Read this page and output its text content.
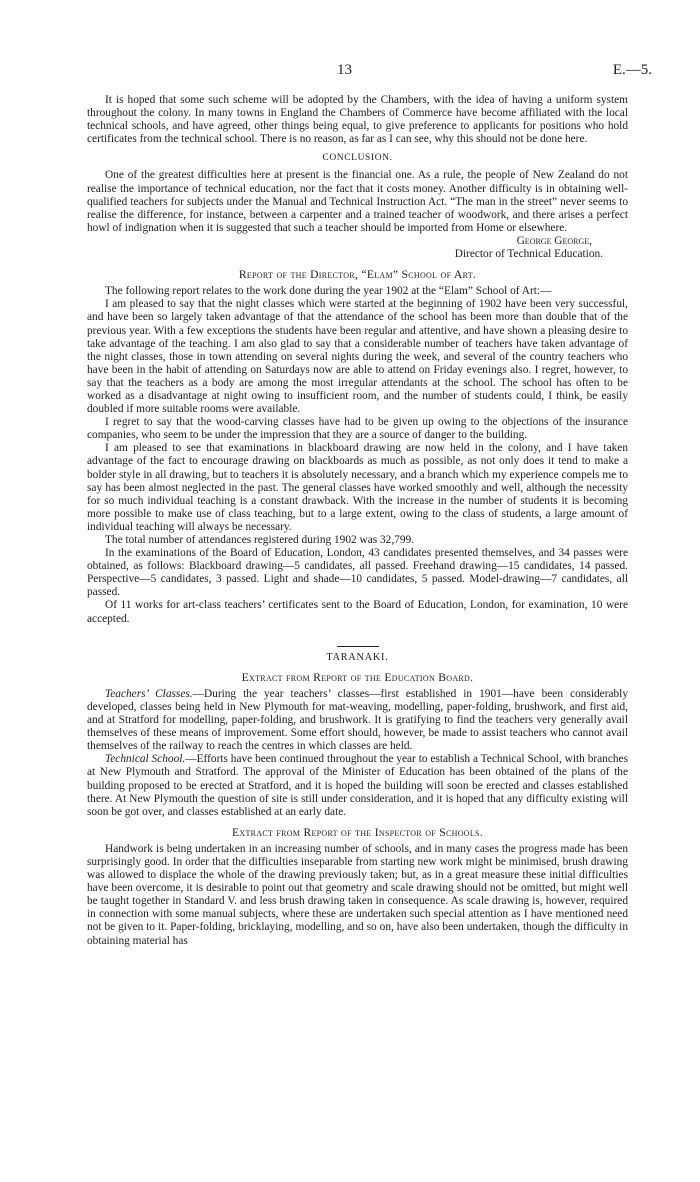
13	E.—5.

It is hoped that some such scheme will be adopted by the Chambers, with the idea of having a uniform system throughout the colony. In many towns in England the Chambers of Commerce have become affiliated with the local technical schools, and have agreed, other things being equal, to give preference to applicants for positions who hold certificates from the technical school. There is no reason, as far as I can see, why this should not be done here.

CONCLUSION.

One of the greatest difficulties here at present is the financial one. As a rule, the people of New Zealand do not realise the importance of technical education, nor the fact that it costs money. Another difficulty is in obtaining well-qualified teachers for subjects under the Manual and Technical Instruction Act. “The man in the street” never seems to realise the difference, for instance, between a carpenter and a trained teacher of woodwork, and there arises a perfect howl of indignation when it is suggested that such a teacher should be imported from Home or elsewhere.

George George,
Director of Technical Education.
Report of the Director, “Elam” School of Art.

The following report relates to the work done during the year 1902 at the “Elam” School of Art:—

I am pleased to say that the night classes which were started at the beginning of 1902 have been very successful, and have been so largely taken advantage of that the attendance of the school has been more than double that of the previous year. With a few exceptions the students have been regular and attentive, and have shown a pleasing desire to take advantage of the teaching. I am also glad to say that a considerable number of teachers have taken advantage of the night classes, those in town attending on several nights during the week, and several of the country teachers who have been in the habit of attending on Saturdays now are able to attend on Friday evenings also. I regret, however, to say that the teachers as a body are among the most irregular attendants at the school. The school has often to be worked as a disadvantage at night owing to insufficient room, and the number of students could, I think, be easily doubled if more suitable rooms were available.

I regret to say that the wood-carving classes have had to be given up owing to the objections of the insurance companies, who seem to be under the impression that they are a source of danger to the building.

I am pleased to see that examinations in blackboard drawing are now held in the colony, and I have taken advantage of the fact to encourage drawing on blackboards as much as possible, as not only does it tend to make a bolder style in all drawing, but to teachers it is absolutely necessary, and a branch which my experience compels me to say has been almost neglected in the past. The general classes have worked smoothly and well, although the necessity for so much individual teaching is a constant drawback. With the increase in the number of students it is becoming more possible to make use of class teaching, but to a large extent, owing to the class of students, a large amount of individual teaching will always be necessary.

The total number of attendances registered during 1902 was 32,799.

In the examinations of the Board of Education, London, 43 candidates presented themselves, and 34 passes were obtained, as follows: Blackboard drawing—5 candidates, all passed. Freehand drawing—15 candidates, 14 passed. Perspective—5 candidates, 3 passed. Light and shade—10 candidates, 5 passed. Model-drawing—7 candidates, all passed.

Of 11 works for art-class teachers’ certificates sent to the Board of Education, London, for examination, 10 were accepted.

TARANAKI.
Extract from Report of the Education Board.

Teachers’ Classes.—During the year teachers’ classes—first established in 1901—have been considerably developed, classes being held in New Plymouth for mat-weaving, modelling, paper-folding, brushwork, and first aid, and at Stratford for modelling, paper-folding, and brushwork. It is gratifying to find the teachers very generally avail themselves of these means of improvement. Some effort should, however, be made to assist teachers who cannot avail themselves of the railway to reach the centres in which classes are held.

Technical School.—Efforts have been continued throughout the year to establish a Technical School, with branches at New Plymouth and Stratford. The approval of the Minister of Education has been obtained of the plans of the building proposed to be erected at Stratford, and it is hoped the building will soon be erected and classes established there. At New Plymouth the question of site is still under consideration, and it is hoped that any difficulty existing will soon be got over, and classes established at an early date.

Extract from Report of the Inspector of Schools.

Handwork is being undertaken in an increasing number of schools, and in many cases the progress made has been surprisingly good. In order that the difficulties inseparable from starting new work might be minimised, brush drawing was allowed to displace the whole of the drawing previously taken; but, as in a great measure these initial difficulties have been overcome, it is desirable to point out that geometry and scale drawing should not be omitted, but might well be taught together in Standard V. and less brush drawing taken in consequence. As scale drawing is, however, required in connection with some manual subjects, where these are undertaken such special attention as I have mentioned need not be given to it. Paper-folding, bricklaying, modelling, and so on, have also been undertaken, though the difficulty in obtaining material has
